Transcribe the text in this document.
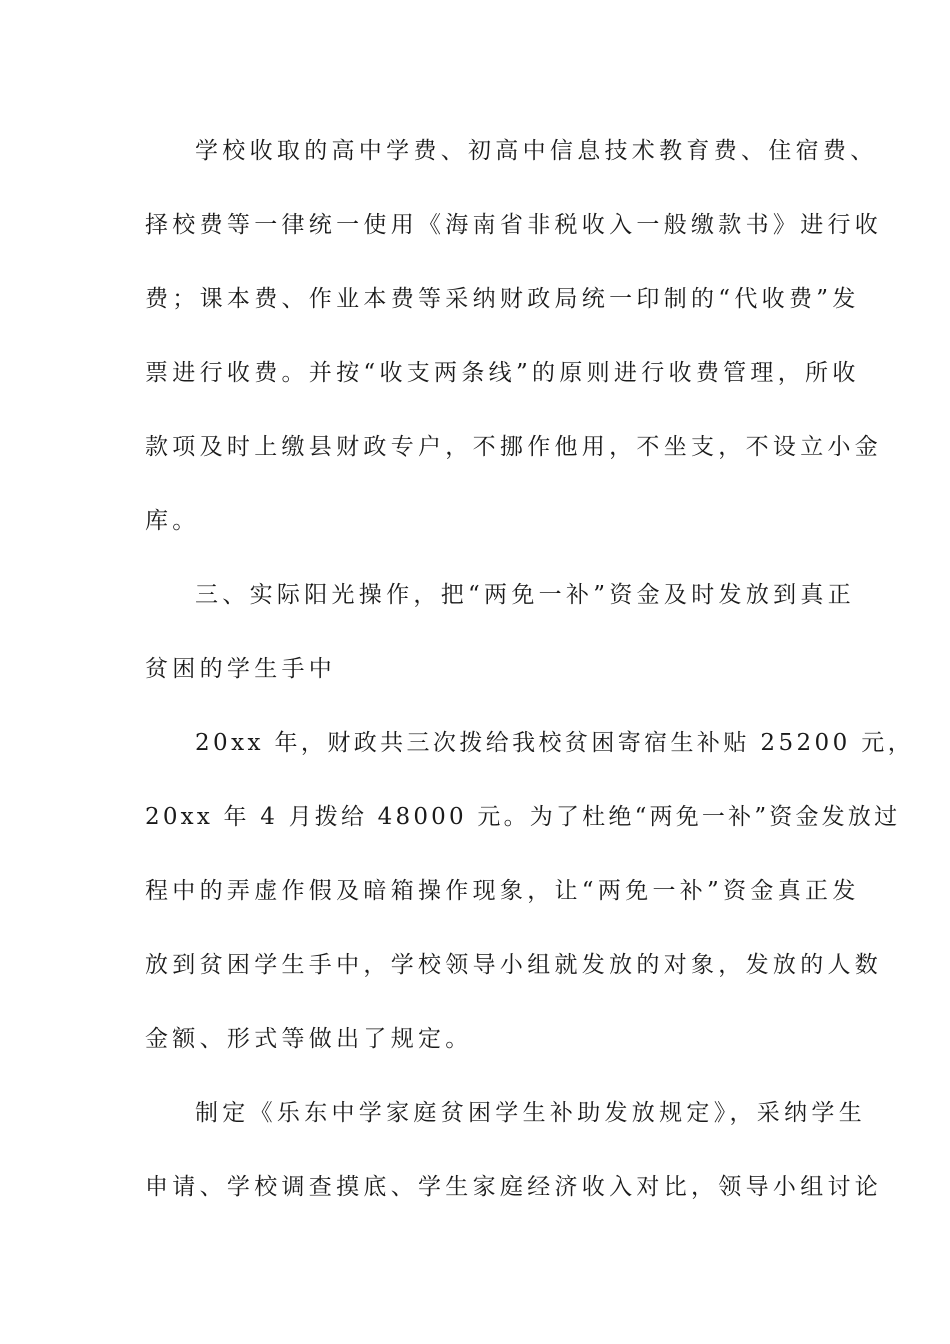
学校收取的高中学费、初高中信息技术教育费、住宿费、
择校费等一律统一使用《海南省非税收入一般缴款书》进行收
费；课本费、作业本费等采纳财政局统一印制的“代收费”发
票进行收费。并按“收支两条线”的原则进行收费管理，所收
款项及时上缴县财政专户，不挪作他用，不坐支，不设立小金
库。
三、实际阳光操作，把“两免一补”资金及时发放到真正
贫困的学生手中
20xx 年，财政共三次拨给我校贫困寄宿生补贴 25200 元，
20xx 年 4 月拨给 48000 元。为了杜绝“两免一补”资金发放过
程中的弄虚作假及暗箱操作现象，让“两免一补”资金真正发
放到贫困学生手中，学校领导小组就发放的对象，发放的人数
金额、形式等做出了规定。
制定《乐东中学家庭贫困学生补助发放规定》，采纳学生
申请、学校调查摸底、学生家庭经济收入对比，领导小组讨论
